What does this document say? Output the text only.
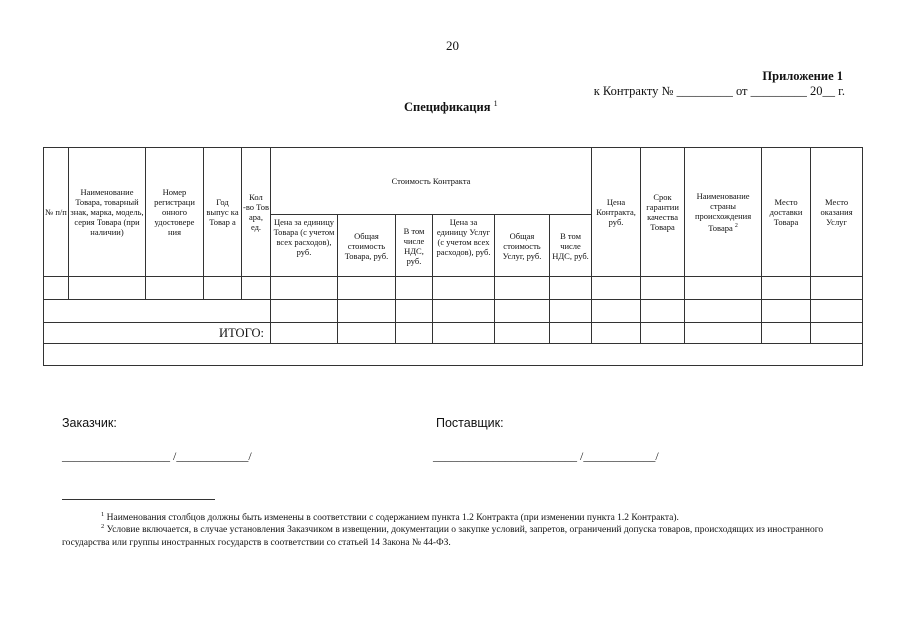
20
Приложение 1
к Контракту № _________ от _________ 20__ г.
Спецификация $^1$
№ п/п	Наименование Товара, товарный знак, марка, модель, серия Товара (при наличии)	Номер регистраци онного удостовере ния	Год выпус ка Товар а	Кол -во Тов ара, ед.	Стоимость Контракта						Цена Контракта, руб.	Срок гарантии качества Товара	Наименование страны происхождения Товара $^2$	Место доставки Товара	Место оказания Услуг
					Цена за единицу Товара (с учетом всех расходов), руб.	Общая стоимость Товара, руб.	В том числе НДС, руб.	Цена за единицу Услуг (с учетом всех расходов), руб.	Общая стоимость Услуг, руб.	В том числе НДС, руб.					

ИТОГО:															

Заказчик:	Поставщик:
__________________ /____________/	________________________ /____________/
$^1$ Наименования столбцов должны быть изменены в соответствии с содержанием пункта 1.2 Контракта (при изменении пункта 1.2 Контракта).
$^2$ Условие включается, в случае установления Заказчиком в извещении, документации о закупке условий, запретов, ограничений допуска товаров, происходящих из иностранного государства или группы иностранных государств в соответствии со статьей 14 Закона № 44-ФЗ.
